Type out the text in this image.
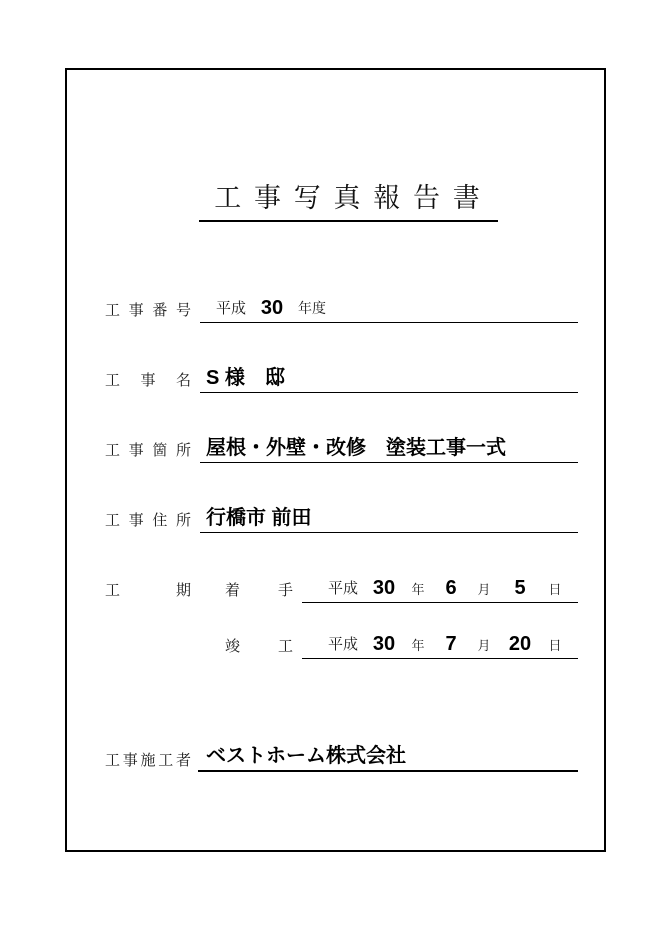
工 事 写 真 報 告 書
工 事 番 号 平成 30	年度
工 事 名 S 様　邸
工 事 箇 所 屋根・外壁・改修　塗装工事一式
工 事 住 所 行橋市 前田
工 期 着 手 平成 30	年	6	月	5	日
竣 工 平成 30	年	7	月 20	日
工事施工者 ベストホーム株式会社
